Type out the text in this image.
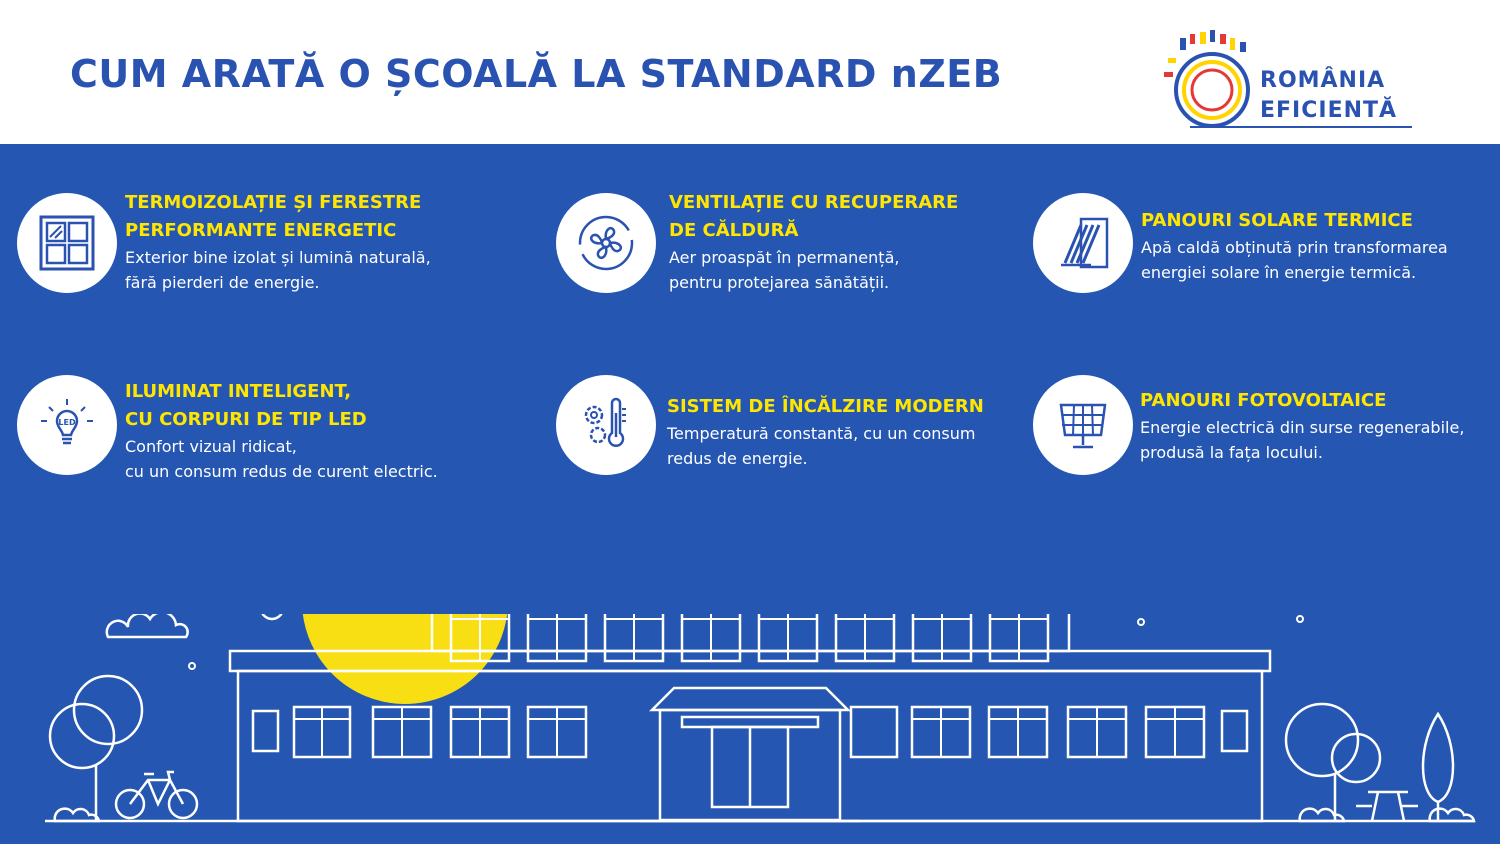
CUM ARATĂ O ȘCOALĂ LA STANDARD nZEB	ROMÂNIA
EFICIENTĂ
TERMOIZOLAȚIE ȘI FERESTRE
PERFORMANTE ENERGETIC
Exterior bine izolat și lumină naturală,
fără pierderi de energie.
VENTILAȚIE CU RECUPERARE
DE CĂLDURĂ
Aer proaspăt în permanență,
pentru protejarea sănătății.
PANOURI SOLARE TERMICE
Apă caldă obținută prin transformarea
energiei solare în energie termică.
LED
ILUMINAT INTELIGENT,
CU CORPURI DE TIP LED
Confort vizual ridicat,
cu un consum redus de curent electric.
SISTEM DE ÎNCĂLZIRE MODERN
Temperatură constantă, cu un consum
redus de energie.
PANOURI FOTOVOLTAICE
Energie electrică din surse regenerabile,
produsă la fața locului.
